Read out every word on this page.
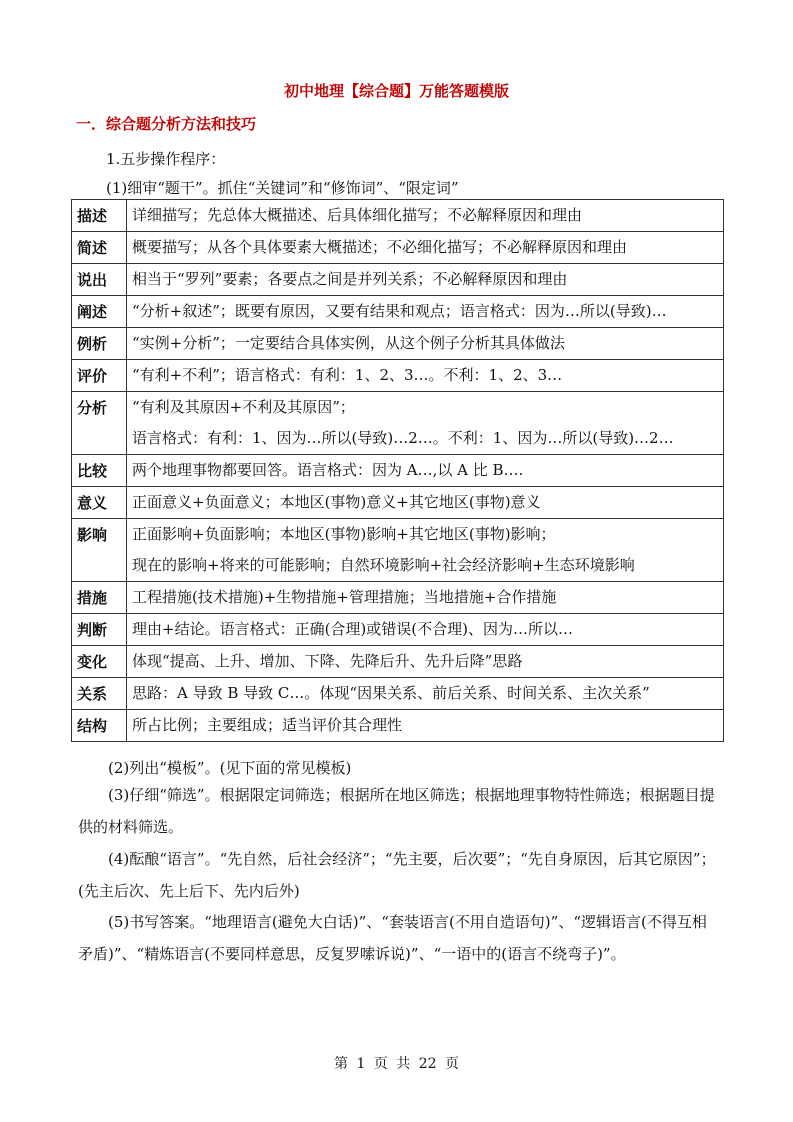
初中地理【综合题】万能答题模版
一．综合题分析方法和技巧
1.五步操作程序：
(1)细审“题干”。抓住“关键词”和“修饰词”、“限定词”
描述	详细描写；先总体大概描述、后具体细化描写；不必解释原因和理由

简述	概要描写；从各个具体要素大概描述；不必细化描写；不必解释原因和理由

说出	相当于“罗列”要素；各要点之间是并列关系；不必解释原因和理由

阐述	“分析+叙述”；既要有原因，又要有结果和观点；语言格式：因为…所以(导致)…

例析	“实例+分析”；一定要结合具体实例，从这个例子分析其具体做法

评价	“有利+不利”；语言格式：有利：1、2、3…。不利：1、2、3…

分析	“有利及其原因+不利及其原因”；
语言格式：有利：1、因为…所以(导致)…2…。不利：1、因为…所以(导致)…2…

比较	两个地理事物都要回答。语言格式：因为 A…,以 A 比 B….

意义	正面意义+负面意义；本地区(事物)意义+其它地区(事物)意义

影响	正面影响+负面影响；本地区(事物)影响+其它地区(事物)影响；
现在的影响+将来的可能影响；自然环境影响+社会经济影响+生态环境影响

措施	工程措施(技术措施)+生物措施+管理措施；当地措施+合作措施

判断	理由+结论。语言格式：正确(合理)或错误(不合理)、因为…所以…

变化	体现“提高、上升、增加、下降、先降后升、先升后降”思路

关系	思路：A 导致 B 导致 C…。体现“因果关系、前后关系、时间关系、主次关系”

结构	所占比例；主要组成；适当评价其合理性
(2)列出“模板”。(见下面的常见模板)
(3)仔细“筛选”。根据限定词筛选；根据所在地区筛选；根据地理事物特性筛选；根据题目提供的材料筛选。
(4)酝酿“语言”。“先自然，后社会经济”；“先主要，后次要”；“先自身原因，后其它原因”；(先主后次、先上后下、先内后外)
(5)书写答案。“地理语言(避免大白话)”、“套装语言(不用自造语句)”、“逻辑语言(不得互相矛盾)”、“精炼语言(不要同样意思，反复罗嗦诉说)”、“一语中的(语言不绕弯子)”。
第 1 页 共 22 页
